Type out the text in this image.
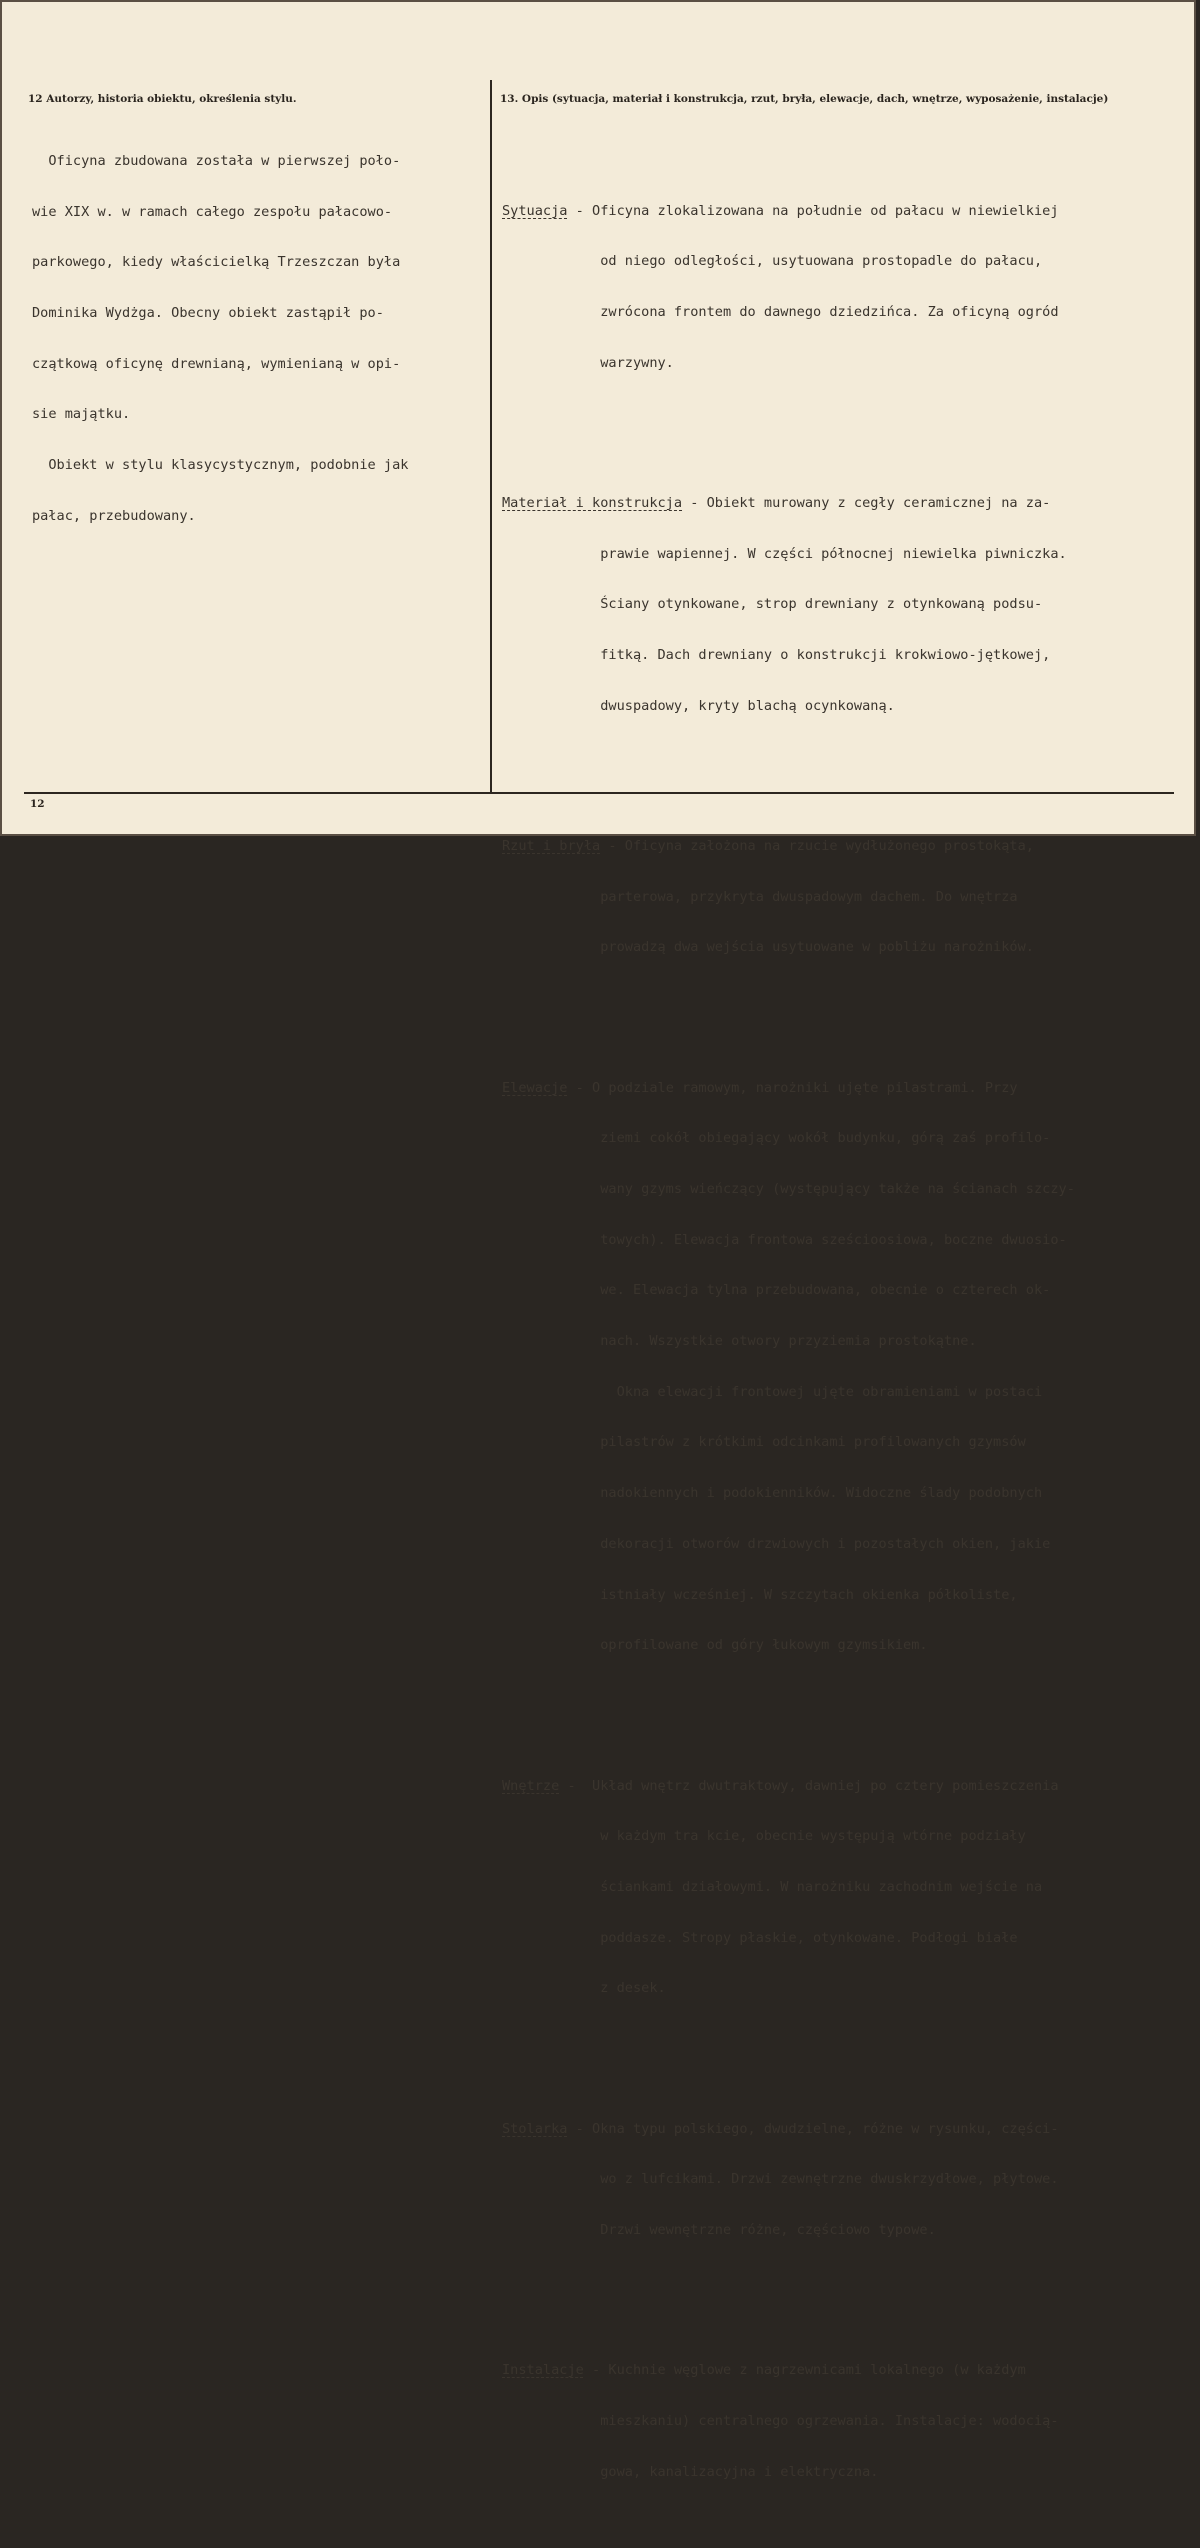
12 Autorzy, historia obiektu, określenia stylu.	13. Opis (sytuacja, materiał i konstrukcja, rzut, bryła, elewacje, dach, wnętrze, wyposażenie, instalacje)

Oficyna zbudowana została w pierwszej poło-

wie XIX w. w ramach całego zespołu pałacowo-

parkowego, kiedy właścicielką Trzeszczan była

Dominika Wydżga. Obecny obiekt zastąpił po-

czątkową oficynę drewnianą, wymienianą w opi-

sie majątku.

Obiekt w stylu klasycystycznym, podobnie jak

pałac, przebudowany.

Sytuacja - Oficyna zlokalizowana na południe od pałacu w niewielkiej

od niego odległości, usytuowana prostopadle do pałacu,

zwrócona frontem do dawnego dziedzińca. Za oficyną ogród

warzywny.

Materiał i konstrukcja - Obiekt murowany z cegły ceramicznej na za-

prawie wapiennej. W części północnej niewielka piwniczka.

Ściany otynkowane, strop drewniany z otynkowaną podsu-

fitką. Dach drewniany o konstrukcji krokwiowo-jętkowej,

dwuspadowy, kryty blachą ocynkowaną.

Rzut i bryła - Oficyna założona na rzucie wydłużonego prostokąta,

parterowa, przykryta dwuspadowym dachem. Do wnętrza

prowadzą dwa wejścia usytuowane w pobliżu narożników.

Elewacje - O podziale ramowym, narożniki ujęte pilastrami. Przy

ziemi cokół obiegający wokół budynku, górą zaś profilo-

wany gzyms wieńczący (występujący także na ścianach szczy-

towych). Elewacja frontowa sześcioosiowa, boczne dwuosio-

we. Elewacja tylna przebudowana, obecnie o czterech ok-

nach. Wszystkie otwory przyziemia prostokątne.

Okna elewacji frontowej ujęte obramieniami w postaci

pilastrów z krótkimi odcinkami profilowanych gzymsów

nadokiennych i podokienników. Widoczne ślady podobnych

dekoracji otworów drzwiowych i pozostałych okien, jakie

istniały wcześniej. W szczytach okienka półkoliste,

oprofilowane od góry łukowym gzymsikiem.

Wnętrze -  Układ wnętrz dwutraktowy, dawniej po cztery pomieszczenia

w każdym tra kcie, obecnie występują wtórne podziały

ściankami działowymi. W narożniku zachodnim wejście na

poddasze. Stropy płaskie, otynkowane. Podłogi białe

z desek.

Stolarka - Okna typu polskiego, dwudzielne, różne w rysunku, części-

wo z lufcikami. Drzwi zewnętrzne dwuskrzydłowe, płytowe.

Drzwi wewnętrzne różne, częściowo typowe.

Instalacje - Kuchnie węglowe z nagrzewnicami lokalnego (w każdym

mieszkaniu) centralnego ogrzewania. Instalacje: wodocią-

gowa, kanalizacyjna i elektryczna.

12
